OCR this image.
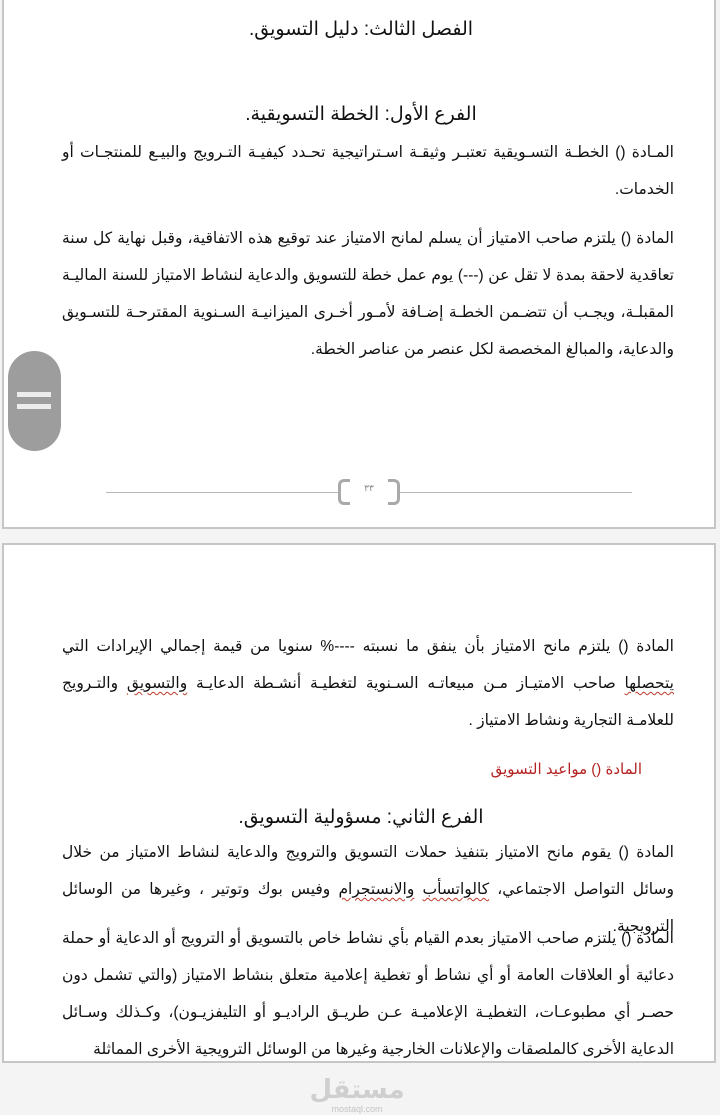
الفصل الثالث: دليل التسويق.
الفرع الأول: الخطة التسويقية.
المـادة () الخطـة التسـويقية تعتبـر وثيقـة اسـتراتيجية تحـدد كيفيـة التـرويج والبيـع للمنتجـات أو الخدمات.
المادة () يلتزم صاحب الامتياز أن يسلم لمانح الامتياز عند توقيع هذه الاتفاقية، وقبل نهاية كل سنة تعاقدية لاحقة بمدة لا تقل عن (---) يوم عمل خطة للتسويق والدعاية لنشاط الامتياز للسنة الماليـة المقبلـة، ويجـب أن تتضـمن الخطـة إضـافة لأمـور أخـرى الميزانيـة السـنوية المقترحـة للتسـويق والدعاية، والمبالغ المخصصة لكل عنصر من عناصر الخطة.
٣٣
المادة () يلتزم مانح الامتياز بأن ينفق ما نسبته ----% سنويا من قيمة إجمالي الإيرادات التي يتحصلها صاحب الامتيـاز مـن مبيعاتـه السـنوية لتغطيـة أنشـطة الدعايـة والتسويق والتـرويج للعلامـة التجارية ونشاط الامتياز .
المادة () مواعيد التسويق
الفرع الثاني: مسؤولية التسويق.
المادة () يقوم مانح الامتياز بتنفيذ حملات التسويق والترويج والدعاية لنشاط الامتياز من خلال وسائل التواصل الاجتماعي، كالواتسأب والانستجرام وفيس بوك وتوتير ، وغيرها من الوسائل الترويجية.
المادة () يلتزم صاحب الامتياز بعدم القيام بأي نشاط خاص بالتسويق أو الترويج أو الدعاية أو حملة دعائية أو العلاقات العامة أو أي نشاط أو تغطية إعلامية متعلق بنشاط الامتياز (والتي تشمل دون حصـر أي مطبوعـات، التغطيـة الإعلاميـة عـن طريـق الراديـو أو التليفزيـون)، وكـذلك وسـائل الدعاية الأخرى كالملصقات والإعلانات الخارجية وغيرها من الوسائل الترويجية الأخرى المماثلة
مستقل
mostaql.com
